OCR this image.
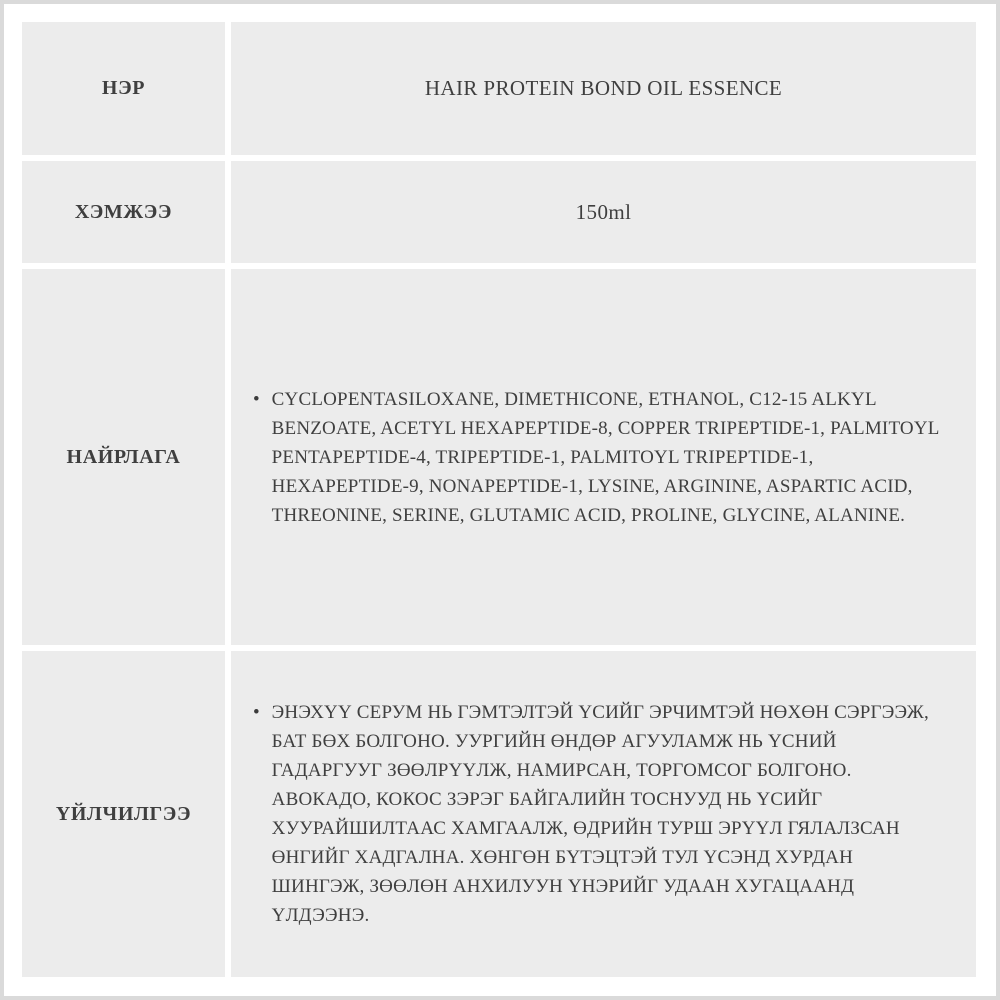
НЭР	HAIR PROTEIN BOND OIL ESSENCE
ХЭМЖЭЭ	150ml
НАЙРЛАГА
• CYCLOPENTASILOXANE, DIMETHICONE, ETHANOL, C12-15 ALKYL BENZOATE, ACETYL HEXAPEPTIDE-8, COPPER TRIPEPTIDE-1, PALMITOYL PENTAPEPTIDE-4, TRIPEPTIDE-1, PALMITOYL TRIPEPTIDE-1, HEXAPEPTIDE-9, NONAPEPTIDE-1, LYSINE, ARGININE, ASPARTIC ACID, THREONINE, SERINE, GLUTAMIC ACID, PROLINE, GLYCINE, ALANINE.
ҮЙЛЧИЛГЭЭ
• ЭНЭХҮҮ СЕРУМ НЬ ГЭМТЭЛТЭЙ ҮСИЙГ ЭРЧИМТЭЙ НӨХӨН СЭРГЭЭЖ, БАТ БӨХ БОЛГОНО. УУРГИЙН ӨНДӨР АГУУЛАМЖ НЬ ҮСНИЙ ГАДАРГУУГ ЗӨӨЛРҮҮЛЖ, НАМИРСАН, ТОРГОМСОГ БОЛГОНО. АВОКАДО, КОКОС ЗЭРЭГ БАЙГАЛИЙН ТОСНУУД НЬ ҮСИЙГ ХУУРАЙШИЛТААС ХАМГААЛЖ, ӨДРИЙН ТУРШ ЭРҮҮЛ ГЯЛАЛЗСАН ӨНГИЙГ ХАДГАЛНА. ХӨНГӨН БҮТЭЦТЭЙ ТУЛ ҮСЭНД ХУРДАН ШИНГЭЖ, ЗӨӨЛӨН АНХИЛУУН ҮНЭРИЙГ УДААН ХУГАЦААНД ҮЛДЭЭНЭ.
